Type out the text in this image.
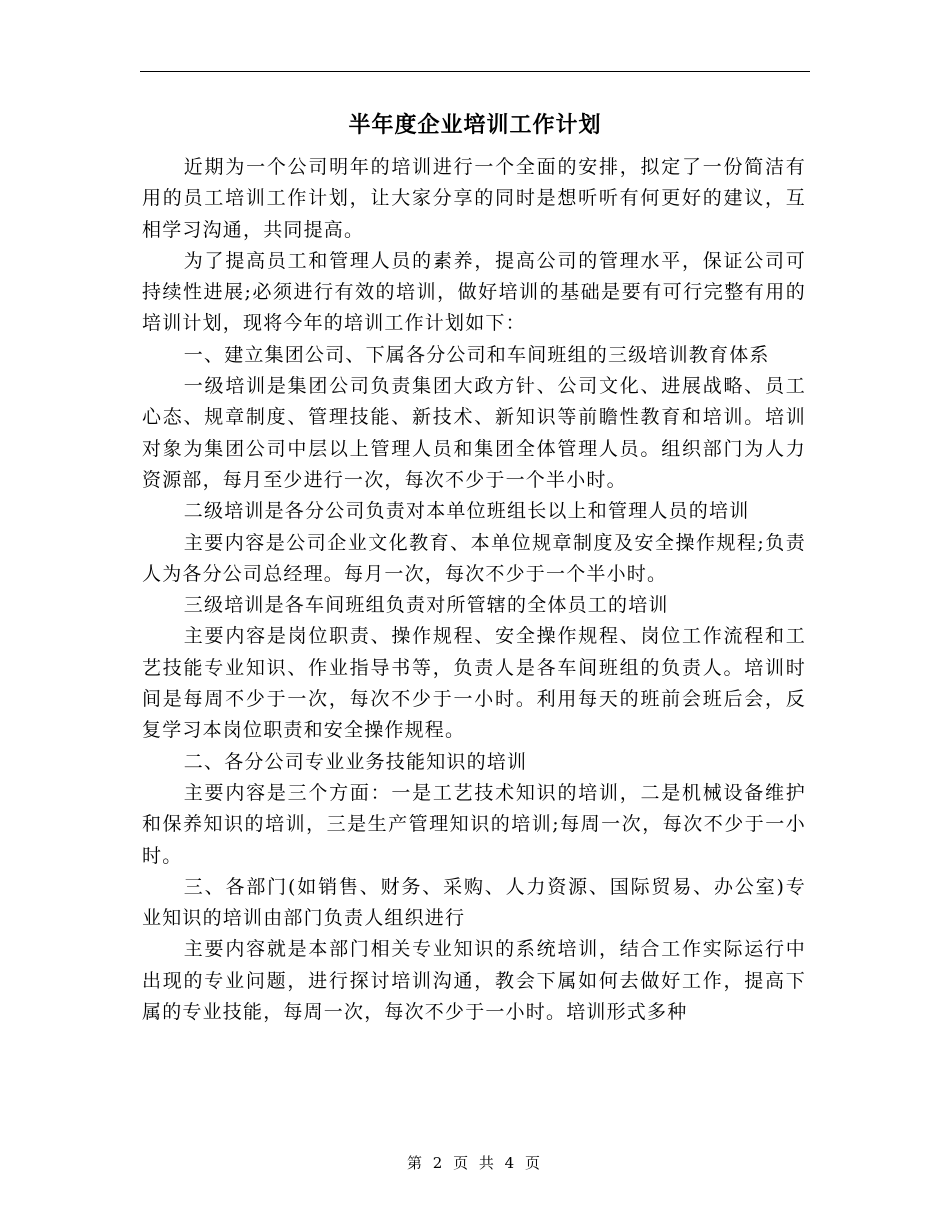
半年度企业培训工作计划

近期为一个公司明年的培训进行一个全面的安排，拟定了一份简洁有用的员工培训工作计划，让大家分享的同时是想听听有何更好的建议，互相学习沟通，共同提高。

为了提高员工和管理人员的素养，提高公司的管理水平，保证公司可持续性进展;必须进行有效的培训，做好培训的基础是要有可行完整有用的培训计划，现将今年的培训工作计划如下：

一、建立集团公司、下属各分公司和车间班组的三级培训教育体系

一级培训是集团公司负责集团大政方针、公司文化、进展战略、员工心态、规章制度、管理技能、新技术、新知识等前瞻性教育和培训。培训对象为集团公司中层以上管理人员和集团全体管理人员。组织部门为人力资源部，每月至少进行一次，每次不少于一个半小时。

二级培训是各分公司负责对本单位班组长以上和管理人员的培训

主要内容是公司企业文化教育、本单位规章制度及安全操作规程;负责人为各分公司总经理。每月一次，每次不少于一个半小时。

三级培训是各车间班组负责对所管辖的全体员工的培训

主要内容是岗位职责、操作规程、安全操作规程、岗位工作流程和工艺技能专业知识、作业指导书等，负责人是各车间班组的负责人。培训时间是每周不少于一次，每次不少于一小时。利用每天的班前会班后会，反复学习本岗位职责和安全操作规程。

二、各分公司专业业务技能知识的培训

主要内容是三个方面：一是工艺技术知识的培训，二是机械设备维护和保养知识的培训，三是生产管理知识的培训;每周一次，每次不少于一小时。

三、各部门(如销售、财务、采购、人力资源、国际贸易、办公室)专业知识的培训由部门负责人组织进行

主要内容就是本部门相关专业知识的系统培训，结合工作实际运行中出现的专业问题，进行探讨培训沟通，教会下属如何去做好工作，提高下属的专业技能，每周一次，每次不少于一小时。培训形式多种

第 2 页 共 4 页
